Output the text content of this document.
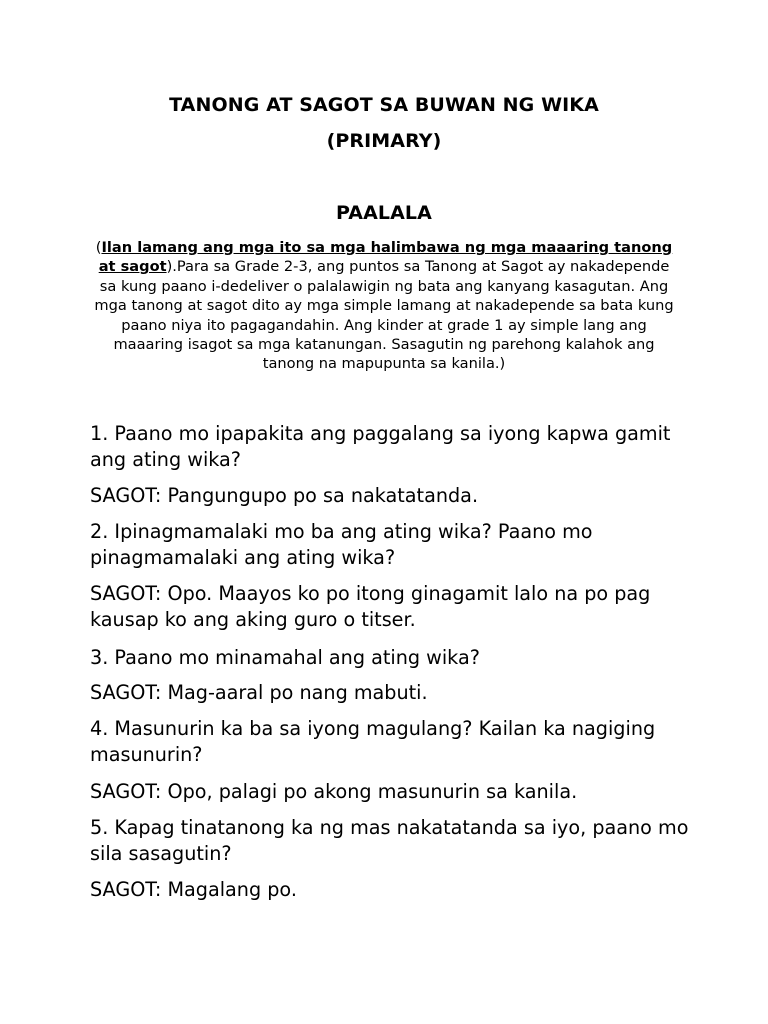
TANONG AT SAGOT SA BUWAN NG WIKA
(PRIMARY)
PAALALA
(Ilan lamang ang mga ito sa mga halimbawa ng mga maaaring tanong at sagot).Para sa Grade 2-3, ang puntos sa Tanong at Sagot ay nakadepende sa kung paano i-dedeliver o palalawigin ng bata ang kanyang kasagutan. Ang mga tanong at sagot dito ay mga simple lamang at nakadepende sa bata kung paano niya ito pagagandahin. Ang kinder at grade 1 ay simple lang ang maaaring isagot sa mga katanungan. Sasagutin ng parehong kalahok ang tanong na mapupunta sa kanila.)
1. Paano mo ipapakita ang paggalang sa iyong kapwa gamit ang ating wika?
SAGOT: Pangungupo po sa nakatatanda.
2. Ipinagmamalaki mo ba ang ating wika? Paano mo pinagmamalaki ang ating wika?
SAGOT: Opo. Maayos ko po itong ginagamit lalo na po pag kausap ko ang aking guro o titser.
3. Paano mo minamahal ang ating wika?
SAGOT: Mag-aaral po nang mabuti.
4. Masunurin ka ba sa iyong magulang? Kailan ka nagiging masunurin?
SAGOT: Opo, palagi po akong masunurin sa kanila.
5. Kapag tinatanong ka ng mas nakatatanda sa iyo, paano mo sila sasagutin?
SAGOT: Magalang po.
